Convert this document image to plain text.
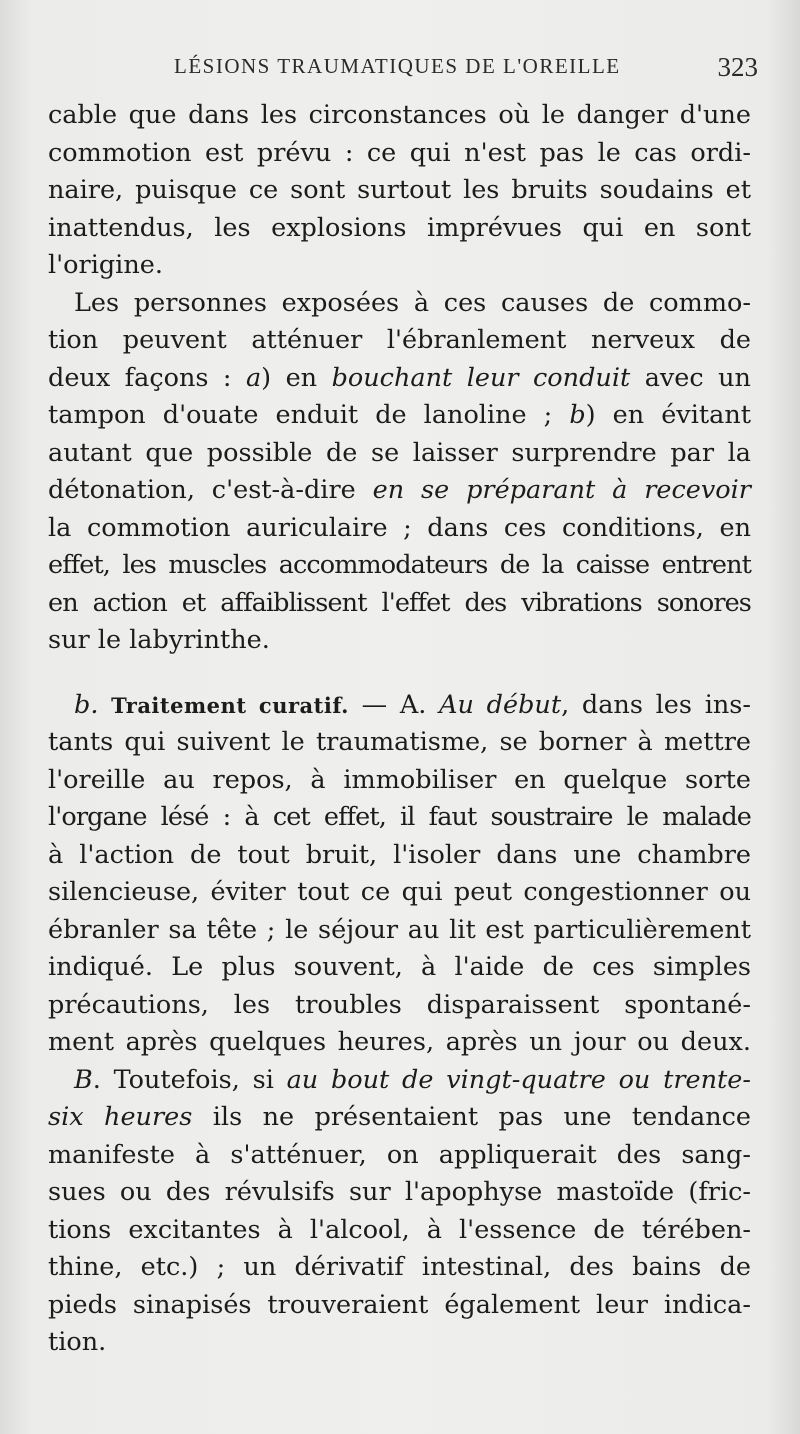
LÉSIONS TRAUMATIQUES DE L'OREILLE	323
cable que dans les circonstances où le danger d'une
commotion est prévu : ce qui n'est pas le cas ordi-
naire, puisque ce sont surtout les bruits soudains et
inattendus, les explosions imprévues qui en sont
l'origine.
Les personnes exposées à ces causes de commo-
tion peuvent atténuer l'ébranlement nerveux de
deux façons : a) en bouchant leur conduit avec un
tampon d'ouate enduit de lanoline ; b) en évitant
autant que possible de se laisser surprendre par la
détonation, c'est-à-dire en se préparant à recevoir
la commotion auriculaire ; dans ces conditions, en
effet, les muscles accommodateurs de la caisse entrent
en action et affaiblissent l'effet des vibrations sonores
sur le labyrinthe.
b. Traitement curatif. — A. Au début, dans les ins-
tants qui suivent le traumatisme, se borner à mettre
l'oreille au repos, à immobiliser en quelque sorte
l'organe lésé : à cet effet, il faut soustraire le malade
à l'action de tout bruit, l'isoler dans une chambre
silencieuse, éviter tout ce qui peut congestionner ou
ébranler sa tête ; le séjour au lit est particulièrement
indiqué. Le plus souvent, à l'aide de ces simples
précautions, les troubles disparaissent spontané-
ment après quelques heures, après un jour ou deux.
B. Toutefois, si au bout de vingt-quatre ou trente-
six heures ils ne présentaient pas une tendance
manifeste à s'atténuer, on appliquerait des sang-
sues ou des révulsifs sur l'apophyse mastoïde (fric-
tions excitantes à l'alcool, à l'essence de térében-
thine, etc.) ; un dérivatif intestinal, des bains de
pieds sinapisés trouveraient également leur indica-
tion.
